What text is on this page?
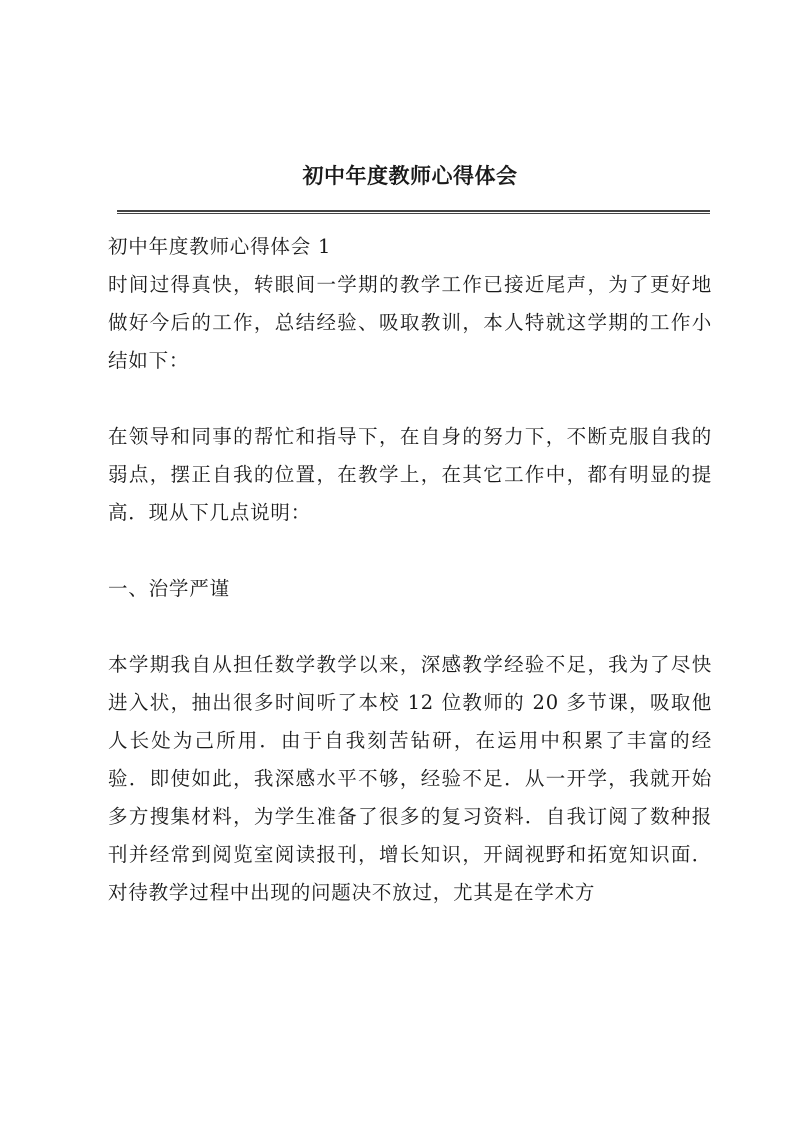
初中年度教师心得体会

初中年度教师心得体会 1

时间过得真快，转眼间一学期的教学工作已接近尾声，为了更好地做好今后的工作，总结经验、吸取教训，本人特就这学期的工作小结如下：

在领导和同事的帮忙和指导下，在自身的努力下，不断克服自我的弱点，摆正自我的位置，在教学上，在其它工作中，都有明显的提高．现从下几点说明：

一、治学严谨

本学期我自从担任数学教学以来，深感教学经验不足，我为了尽快进入状，抽出很多时间听了本校 12 位教师的 20 多节课，吸取他人长处为己所用．由于自我刻苦钻研，在运用中积累了丰富的经验．即使如此，我深感水平不够，经验不足．从一开学，我就开始多方搜集材料，为学生准备了很多的复习资料．自我订阅了数种报刊并经常到阅览室阅读报刊，增长知识，开阔视野和拓宽知识面．对待教学过程中出现的问题决不放过，尤其是在学术方
